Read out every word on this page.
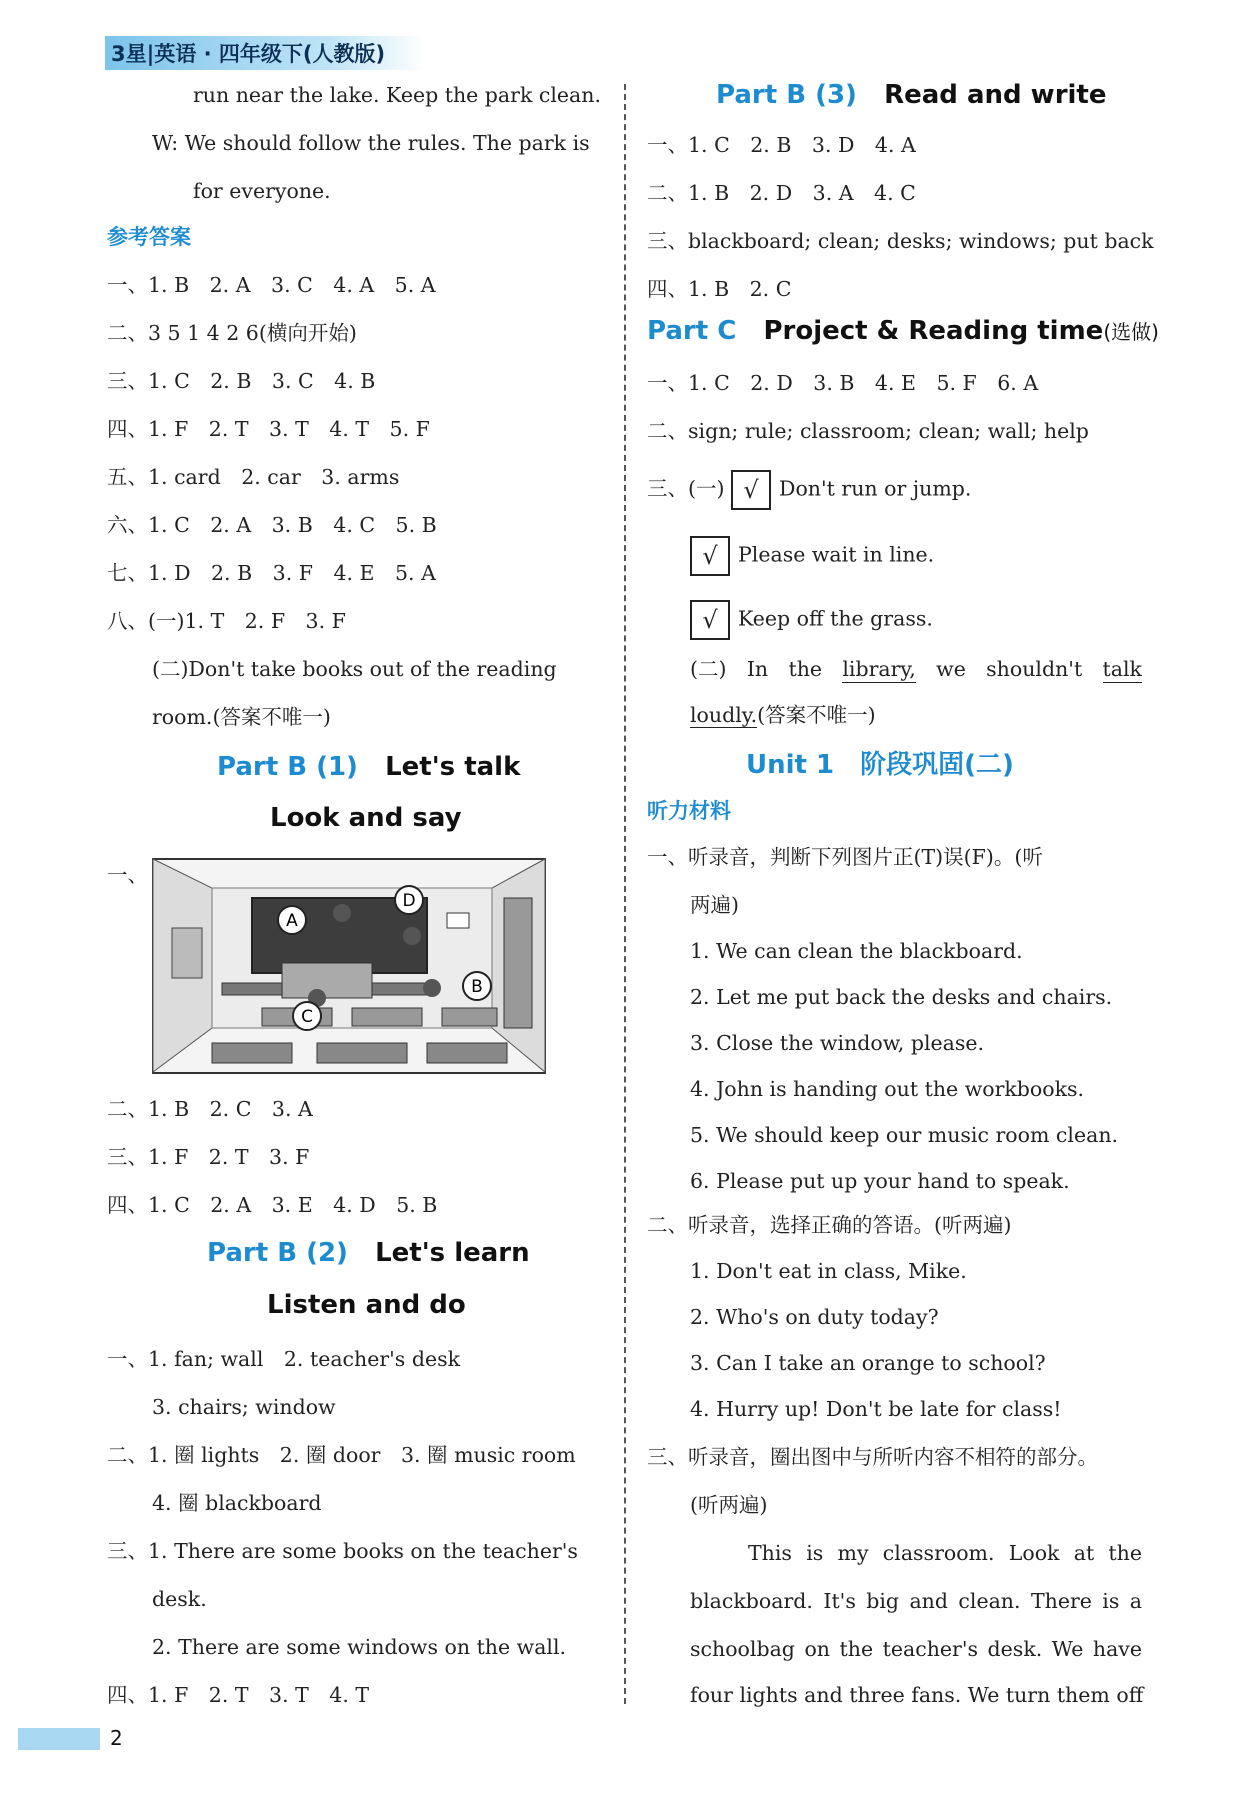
3星|英语 · 四年级下(人教版)
run near the lake. Keep the park clean.
W: We should follow the rules. The park is
for everyone.
参考答案
一、1. B　2. A　3. C　4. A　5. A
二、3 5 1 4 2 6(横向开始)
三、1. C　2. B　3. C　4. B
四、1. F　2. T　3. T　4. T　5. F
五、1. card　2. car　3. arms
六、1. C　2. A　3. B　4. C　5. B
七、1. D　2. B　3. F　4. E　5. A
八、(一)1. T　2. F　3. F
(二)Don't take books out of the reading
room.(答案不唯一)
Part B (1) Let's talk
Look and say
一、
A
D
C
B
二、1. B　2. C　3. A
三、1. F　2. T　3. F
四、1. C　2. A　3. E　4. D　5. B
Part B (2) Let's learn
Listen and do
一、1. fan; wall　2. teacher's desk
3. chairs; window
二、1. 圈 lights　2. 圈 door　3. 圈 music room
4. 圈 blackboard
三、1. There are some books on the teacher's
desk.
2. There are some windows on the wall.
四、1. F　2. T　3. T　4. T
Part B (3) Read and write
一、1. C　2. B　3. D　4. A
二、1. B　2. D　3. A　4. C
三、blackboard; clean; desks; windows; put back
四、1. B　2. C
Part C Project & Reading time(选做)
一、1. C　2. D　3. B　4. E　5. F　6. A
二、sign; rule; classroom; clean; wall; help
三、(一) √ Don't run or jump.
√ Please wait in line.
√ Keep off the grass.
(二) In the library, we shouldn't talk
loudly.(答案不唯一)
Unit 1　阶段巩固(二)
听力材料
一、听录音，判断下列图片正(T)误(F)。(听
两遍)
1. We can clean the blackboard.
2. Let me put back the desks and chairs.
3. Close the window, please.
4. John is handing out the workbooks.
5. We should keep our music room clean.
6. Please put up your hand to speak.
二、听录音，选择正确的答语。(听两遍)
1. Don't eat in class, Mike.
2. Who's on duty today?
3. Can I take an orange to school?
4. Hurry up! Don't be late for class!
三、听录音，圈出图中与所听内容不相符的部分。
(听两遍)
This is my classroom. Look at the
blackboard. It's big and clean. There is a
schoolbag on the teacher's desk. We have
four lights and three fans. We turn them off
2
